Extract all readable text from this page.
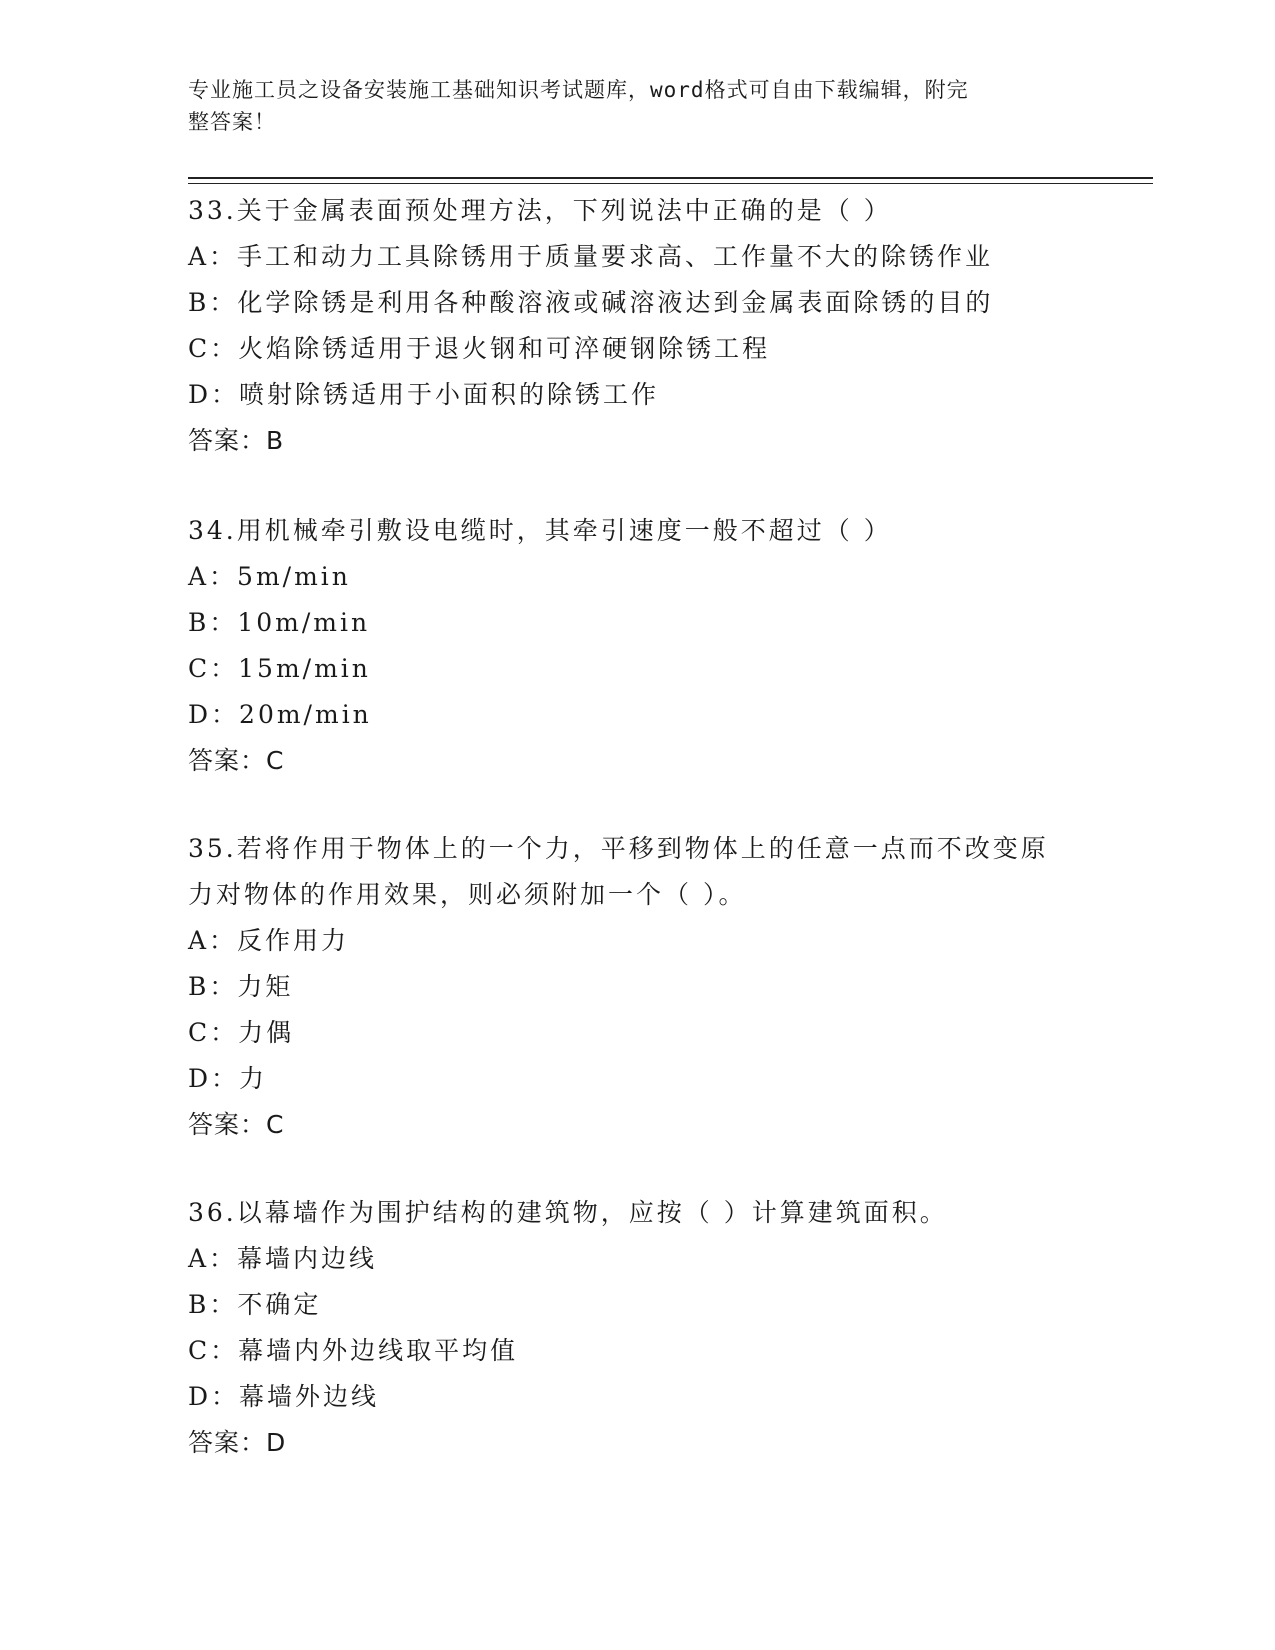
专业施工员之设备安装施工基础知识考试题库，word格式可自由下载编辑，附完
整答案！
33.关于金属表面预处理方法，下列说法中正确的是（ ）
A：手工和动力工具除锈用于质量要求高、工作量不大的除锈作业
B：化学除锈是利用各种酸溶液或碱溶液达到金属表面除锈的目的
C：火焰除锈适用于退火钢和可淬硬钢除锈工程
D：喷射除锈适用于小面积的除锈工作
答案：B
34.用机械牵引敷设电缆时，其牵引速度一般不超过（ ）
A：5m/min
B：10m/min
C：15m/min
D：20m/min
答案：C
35.若将作用于物体上的一个力，平移到物体上的任意一点而不改变原
力对物体的作用效果，则必须附加一个（ ）。
A：反作用力
B：力矩
C：力偶
D：力
答案：C
36.以幕墙作为围护结构的建筑物，应按（ ）计算建筑面积。
A：幕墙内边线
B：不确定
C：幕墙内外边线取平均值
D：幕墙外边线
答案：D
